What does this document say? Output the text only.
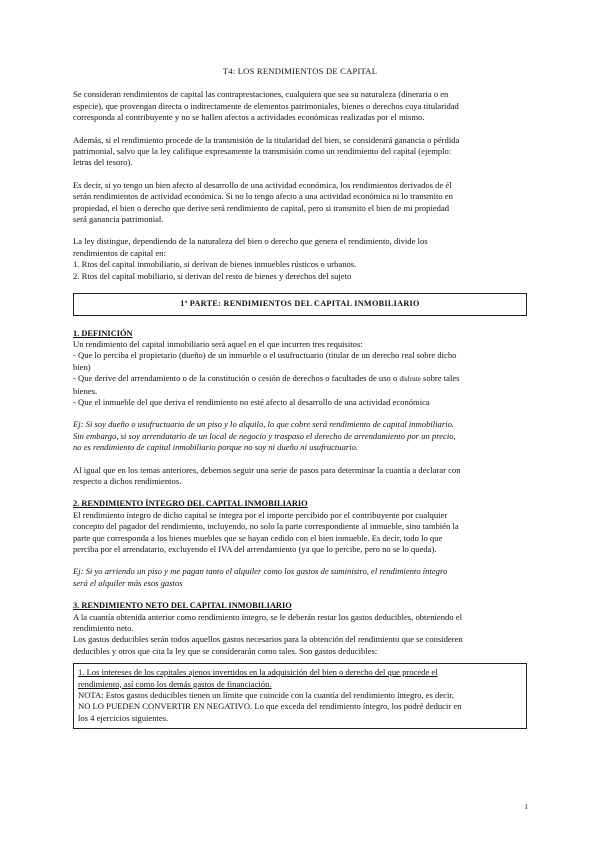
T4: LOS RENDIMIENTOS DE CAPITAL

Se consideran rendimientos de capital las contraprestaciones, cualquiera que sea su naturaleza (dineraria o en
especie), que provengan directa o indirectamente de elementos patrimoniales, bienes o derechos cuya titularidad
corresponda al contribuyente y no se hallen afectos a actividades económicas realizadas por el mismo.

Además, si el rendimiento procede de la transmisión de la titularidad del bien, se considerará ganancia o pérdida
patrimonial, salvo que la ley califique expresamente la transmisión como un rendimiento del capital (ejemplo:
letras del tesoro).

Es decir, si yo tengo un bien afecto al desarrollo de una actividad económica, los rendimientos derivados de él
serán rendimientos de actividad económica. Si no lo tengo afecto a una actividad económica ni lo transmito en
propiedad, el bien o derecho que derive será rendimiento de capital, pero si transmito el bien de mi propiedad
será ganancia patrimonial.

La ley distingue, dependiendo de la naturaleza del bien o derecho que genera el rendimiento, divide los
rendimientos de capital en:
1. Rtos del capital inmobiliario, si derivan de bienes inmuebles rústicos o urbanos.
2. Rtos del capital mobiliario, si derivan del resto de bienes y derechos del sujeto

1ª PARTE: RENDIMIENTOS DEL CAPITAL INMOBILIARIO

1. DEFINICIÓN
Un rendimiento del capital inmobiliario será aquel en el que incurren tres requisitos:
- Que lo perciba el propietario (dueño) de un inmueble o el usufructuario (titular de un derecho real sobre dicho
bien)
- Que derive del arrendamiento o de la constitución o cesión de derechos o facultades de uso o disfrute sobre tales
bienes.
- Que el inmueble del que deriva el rendimiento no esté afecto al desarrollo de una actividad económica

Ej: Si soy dueño o usufructuario de un piso y lo alquilo, lo que cobre será rendimiento de capital inmobiliario.
Sin embargo, si soy arrendatario de un local de negocio y traspaso el derecho de arrendamiento por un precio,
no es rendimiento de capital inmobiliario porque no soy ni dueño ni usufructuario.

Al igual que en los temas anteriores, debemos seguir una serie de pasos para determinar la cuantía a declarar con
respecto a dichos rendimientos.

2. RENDIMIENTO ÍNTEGRO DEL CAPITAL INMOBILIARIO
El rendimiento íntegro de dicho capital se integra por el importe percibido por el contribuyente por cualquier
concepto del pagador del rendimiento, incluyendo, no solo la parte correspondiente al inmueble, sino también la
parte que corresponda a los bienes muebles que se hayan cedido con el bien inmueble. Es decir, todo lo que
perciba por el arrendatario, excluyendo el IVA del arrendamiento (ya que lo percibe, pero no se lo queda).

Ej: Si yo arriendo un piso y me pagan tanto el alquiler como los gastos de suministro, el rendimiento íntegro
será el alquiler más esos gastos

3. RENDIMIENTO NETO DEL CAPITAL INMOBILIARIO
A la cuantía obtenida anterior como rendimiento íntegro, se le deberán restar los gastos deducibles, obteniendo el
rendimiento neto.
Los gastos deducibles serán todos aquellos gastos necesarios para la obtención del rendimiento que se consideren
deducibles y otros que cita la ley que se considerarán como tales. Son gastos deducibles:

1. Los intereses de los capitales ajenos invertidos en la adquisición del bien o derecho del que procede el
rendimiento, así como los demás gastos de financiación.
NOTA: Estos gastos deducibles tienen un límite que coincide con la cuantía del rendimiento íntegro, es decir,
NO LO PUEDEN CONVERTIR EN NEGATIVO. Lo que exceda del rendimiento íntegro, los podré deducir en
los 4 ejercicios siguientes.
1
